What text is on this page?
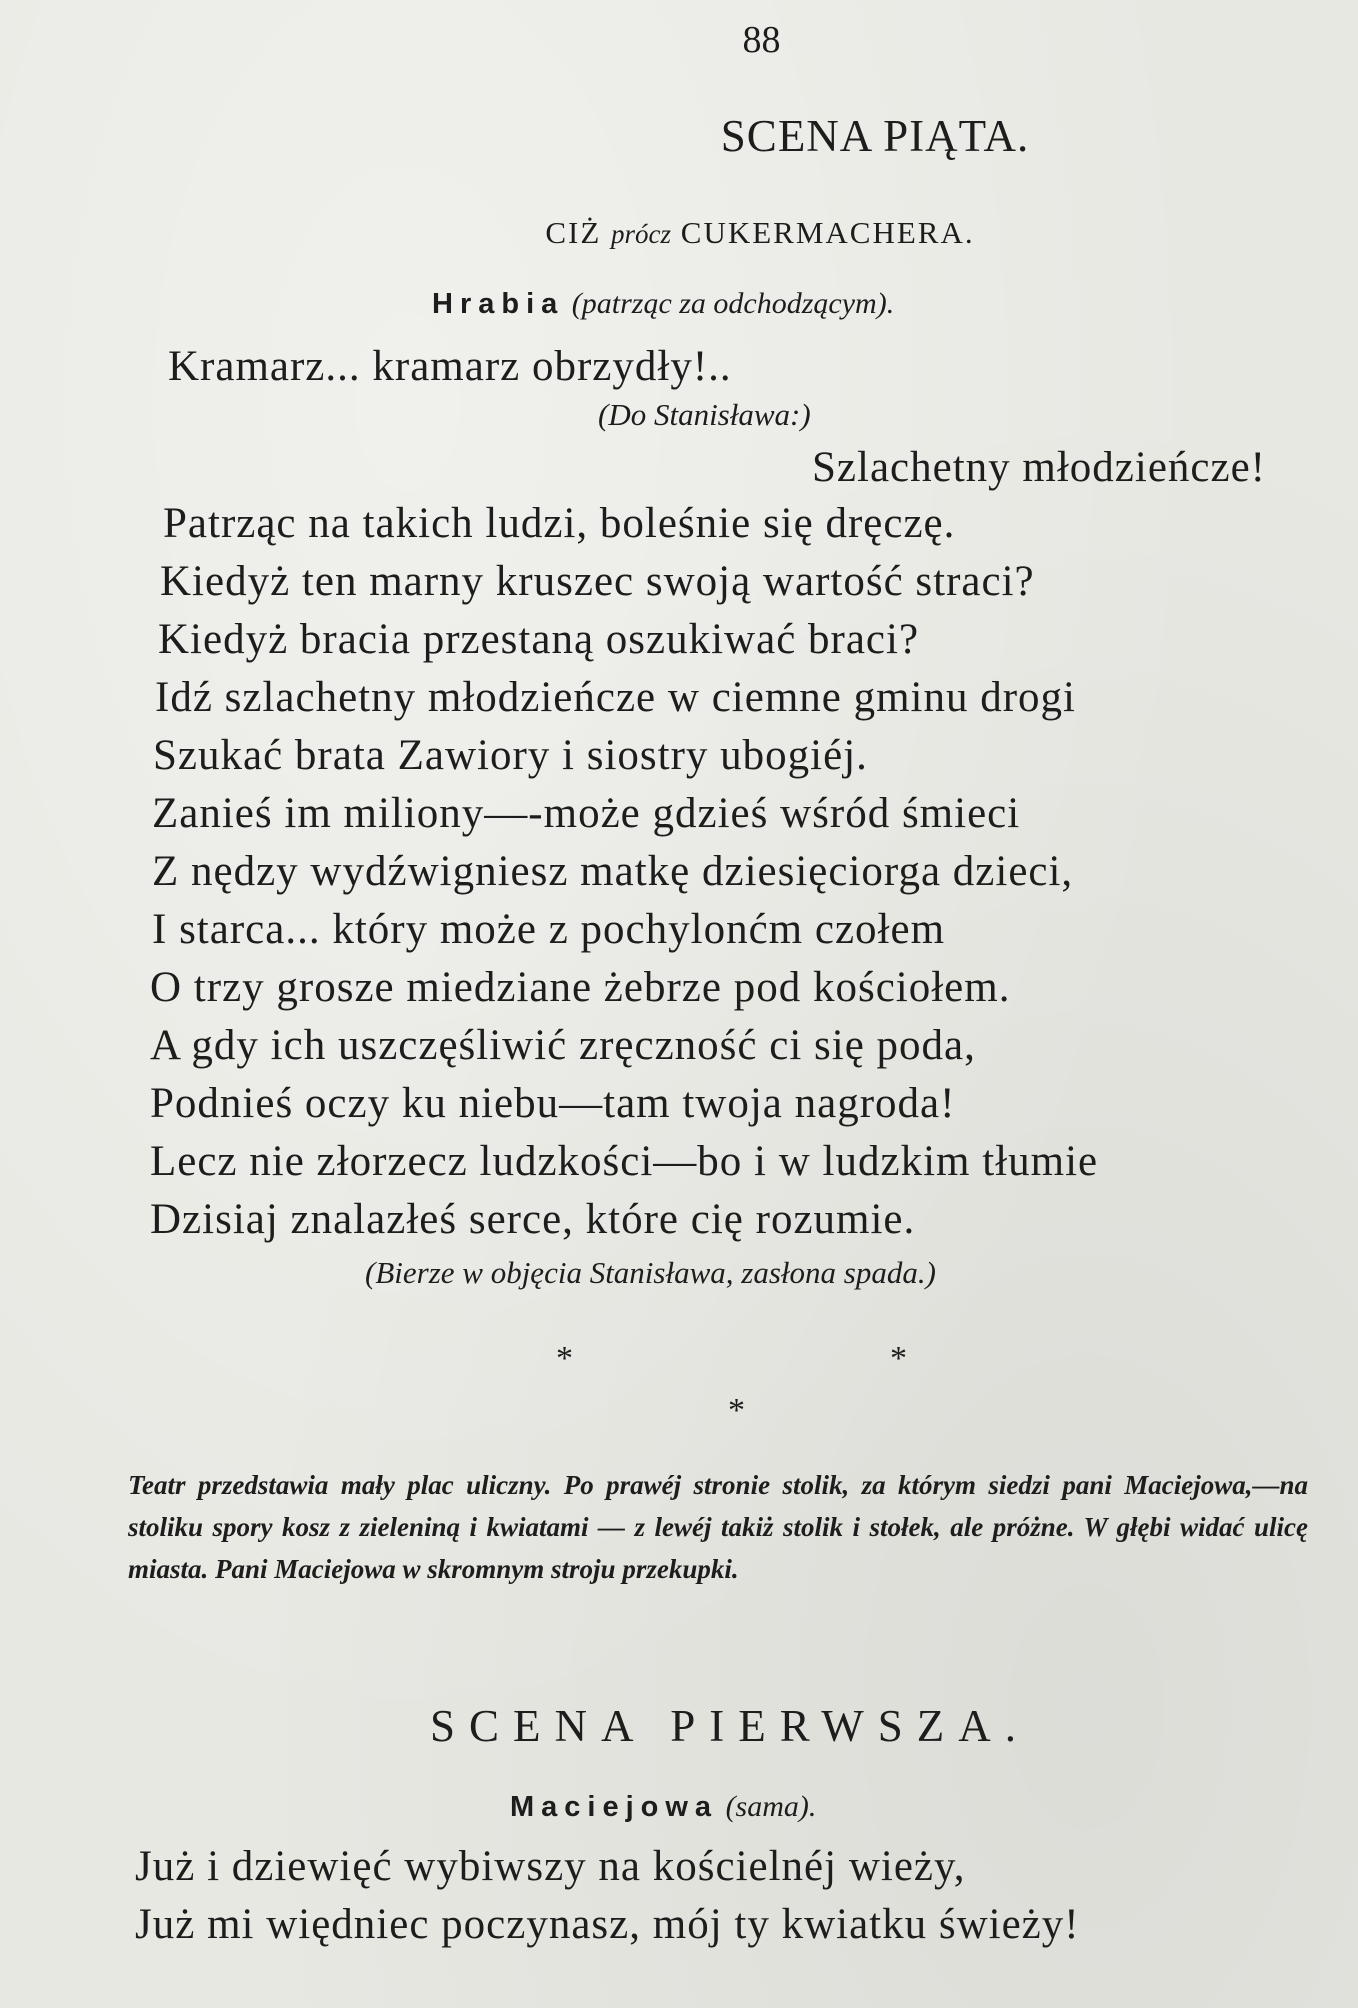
88
SCENA PIĄTA.
CIŻ prócz CUKERMACHERA.
Hrabia (patrząc za odchodzącym).
Kramarz... kramarz obrzydły!..
(Do Stanisława:)
Szlachetny młodzieńcze!
Patrząc na takich ludzi, boleśnie się dręczę.
Kiedyż ten marny kruszec swoją wartość straci?
Kiedyż bracia przestaną oszukiwać braci?
Idź szlachetny młodzieńcze w ciemne gminu drogi
Szukać brata Zawiory i siostry ubogiéj.
Zanieś im miliony—-może gdzieś wśród śmieci
Z nędzy wydźwigniesz matkę dziesięciorga dzieci,
I starca... który może z pochylonćm czołem
O trzy grosze miedziane żebrze pod kościołem.
A gdy ich uszczęśliwić zręczność ci się poda,
Podnieś oczy ku niebu—tam twoja nagroda!
Lecz nie złorzecz ludzkości—bo i w ludzkim tłumie
Dzisiaj znalazłeś serce, które cię rozumie.
(Bierze w objęcia Stanisława, zasłona spada.)
*	*
*
Teatr przedstawia mały plac uliczny. Po prawéj stronie stolik, za którym siedzi pani Maciejowa,—na stoliku spory kosz z zieleniną i kwiatami — z lewéj takiż stolik i stołek, ale próżne. W głębi widać ulicę miasta. Pani Maciejowa w skromnym stroju przekupki.
SCENA PIERWSZA.
Maciejowa (sama).
Już i dziewięć wybiwszy na kościelnéj wieży,
Już mi więdniec poczynasz, mój ty kwiatku świeży!
